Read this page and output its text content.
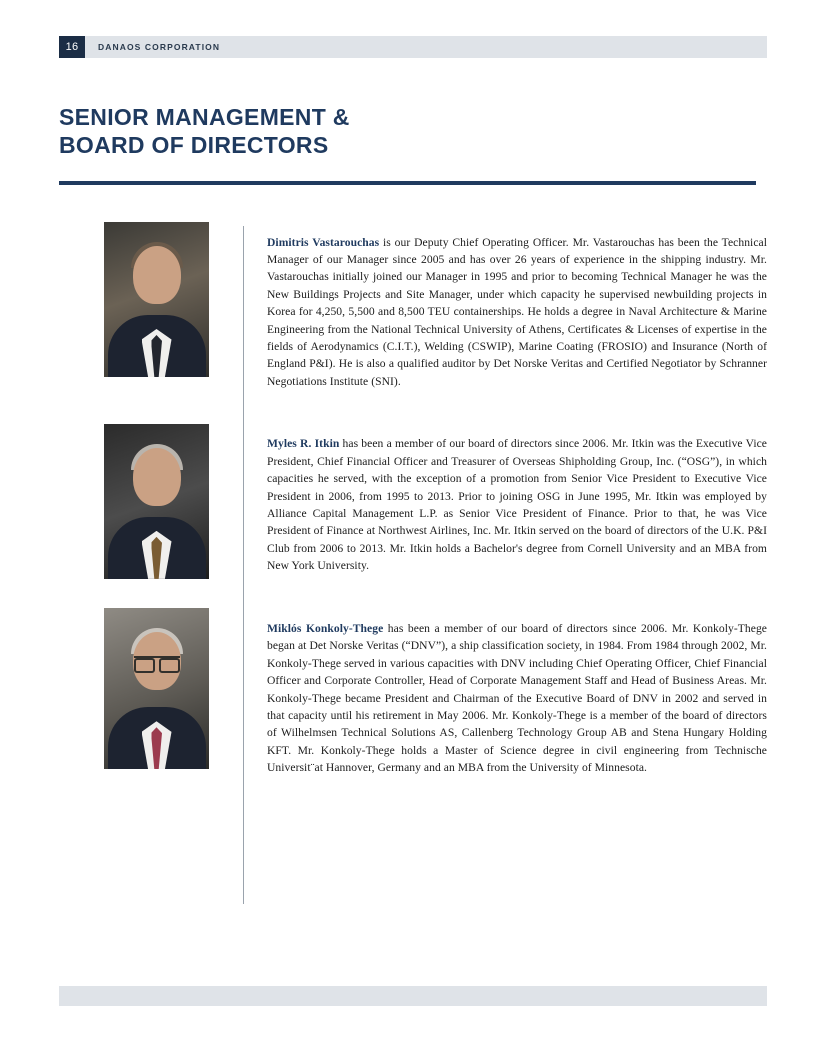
16	DANAOS CORPORATION
SENIOR MANAGEMENT &
BOARD OF DIRECTORS

Dimitris Vastarouchas is our Deputy Chief Operating Officer. Mr. Vastarouchas has been the Technical Manager of our Manager since 2005 and has over 26 years of experience in the shipping industry. Mr. Vastarouchas initially joined our Manager in 1995 and prior to becoming Technical Manager he was the New Buildings Projects and Site Manager, under which capacity he supervised newbuilding projects in Korea for 4,250, 5,500 and 8,500 TEU containerships. He holds a degree in Naval Architecture & Marine Engineering from the National Technical University of Athens, Certificates & Licenses of expertise in the fields of Aerodynamics (C.I.T.), Welding (CSWIP), Marine Coating (FROSIO) and Insurance (North of England P&I). He is also a qualified auditor by Det Norske Veritas and Certified Negotiator by Schranner Negotiations Institute (SNI).

Myles R. Itkin has been a member of our board of directors since 2006. Mr. Itkin was the Executive Vice President, Chief Financial Officer and Treasurer of Overseas Shipholding Group, Inc. (“OSG”), in which capacities he served, with the exception of a promotion from Senior Vice President to Executive Vice President in 2006, from 1995 to 2013. Prior to joining OSG in June 1995, Mr. Itkin was employed by Alliance Capital Management L.P. as Senior Vice President of Finance. Prior to that, he was Vice President of Finance at Northwest Airlines, Inc. Mr. Itkin served on the board of directors of the U.K. P&I Club from 2006 to 2013. Mr. Itkin holds a Bachelor's degree from Cornell University and an MBA from New York University.

Miklós Konkoly-Thege has been a member of our board of directors since 2006. Mr. Konkoly-Thege began at Det Norske Veritas (“DNV”), a ship classification society, in 1984. From 1984 through 2002, Mr. Konkoly-Thege served in various capacities with DNV including Chief Operating Officer, Chief Financial Officer and Corporate Controller, Head of Corporate Management Staff and Head of Business Areas. Mr. Konkoly-Thege became President and Chairman of the Executive Board of DNV in 2002 and served in that capacity until his retirement in May 2006. Mr. Konkoly-Thege is a member of the board of directors of Wilhelmsen Technical Solutions AS, Callenberg Technology Group AB and Stena Hungary Holding KFT. Mr. Konkoly-Thege holds a Master of Science degree in civil engineering from Technische Universit¨at Hannover, Germany and an MBA from the University of Minnesota.
